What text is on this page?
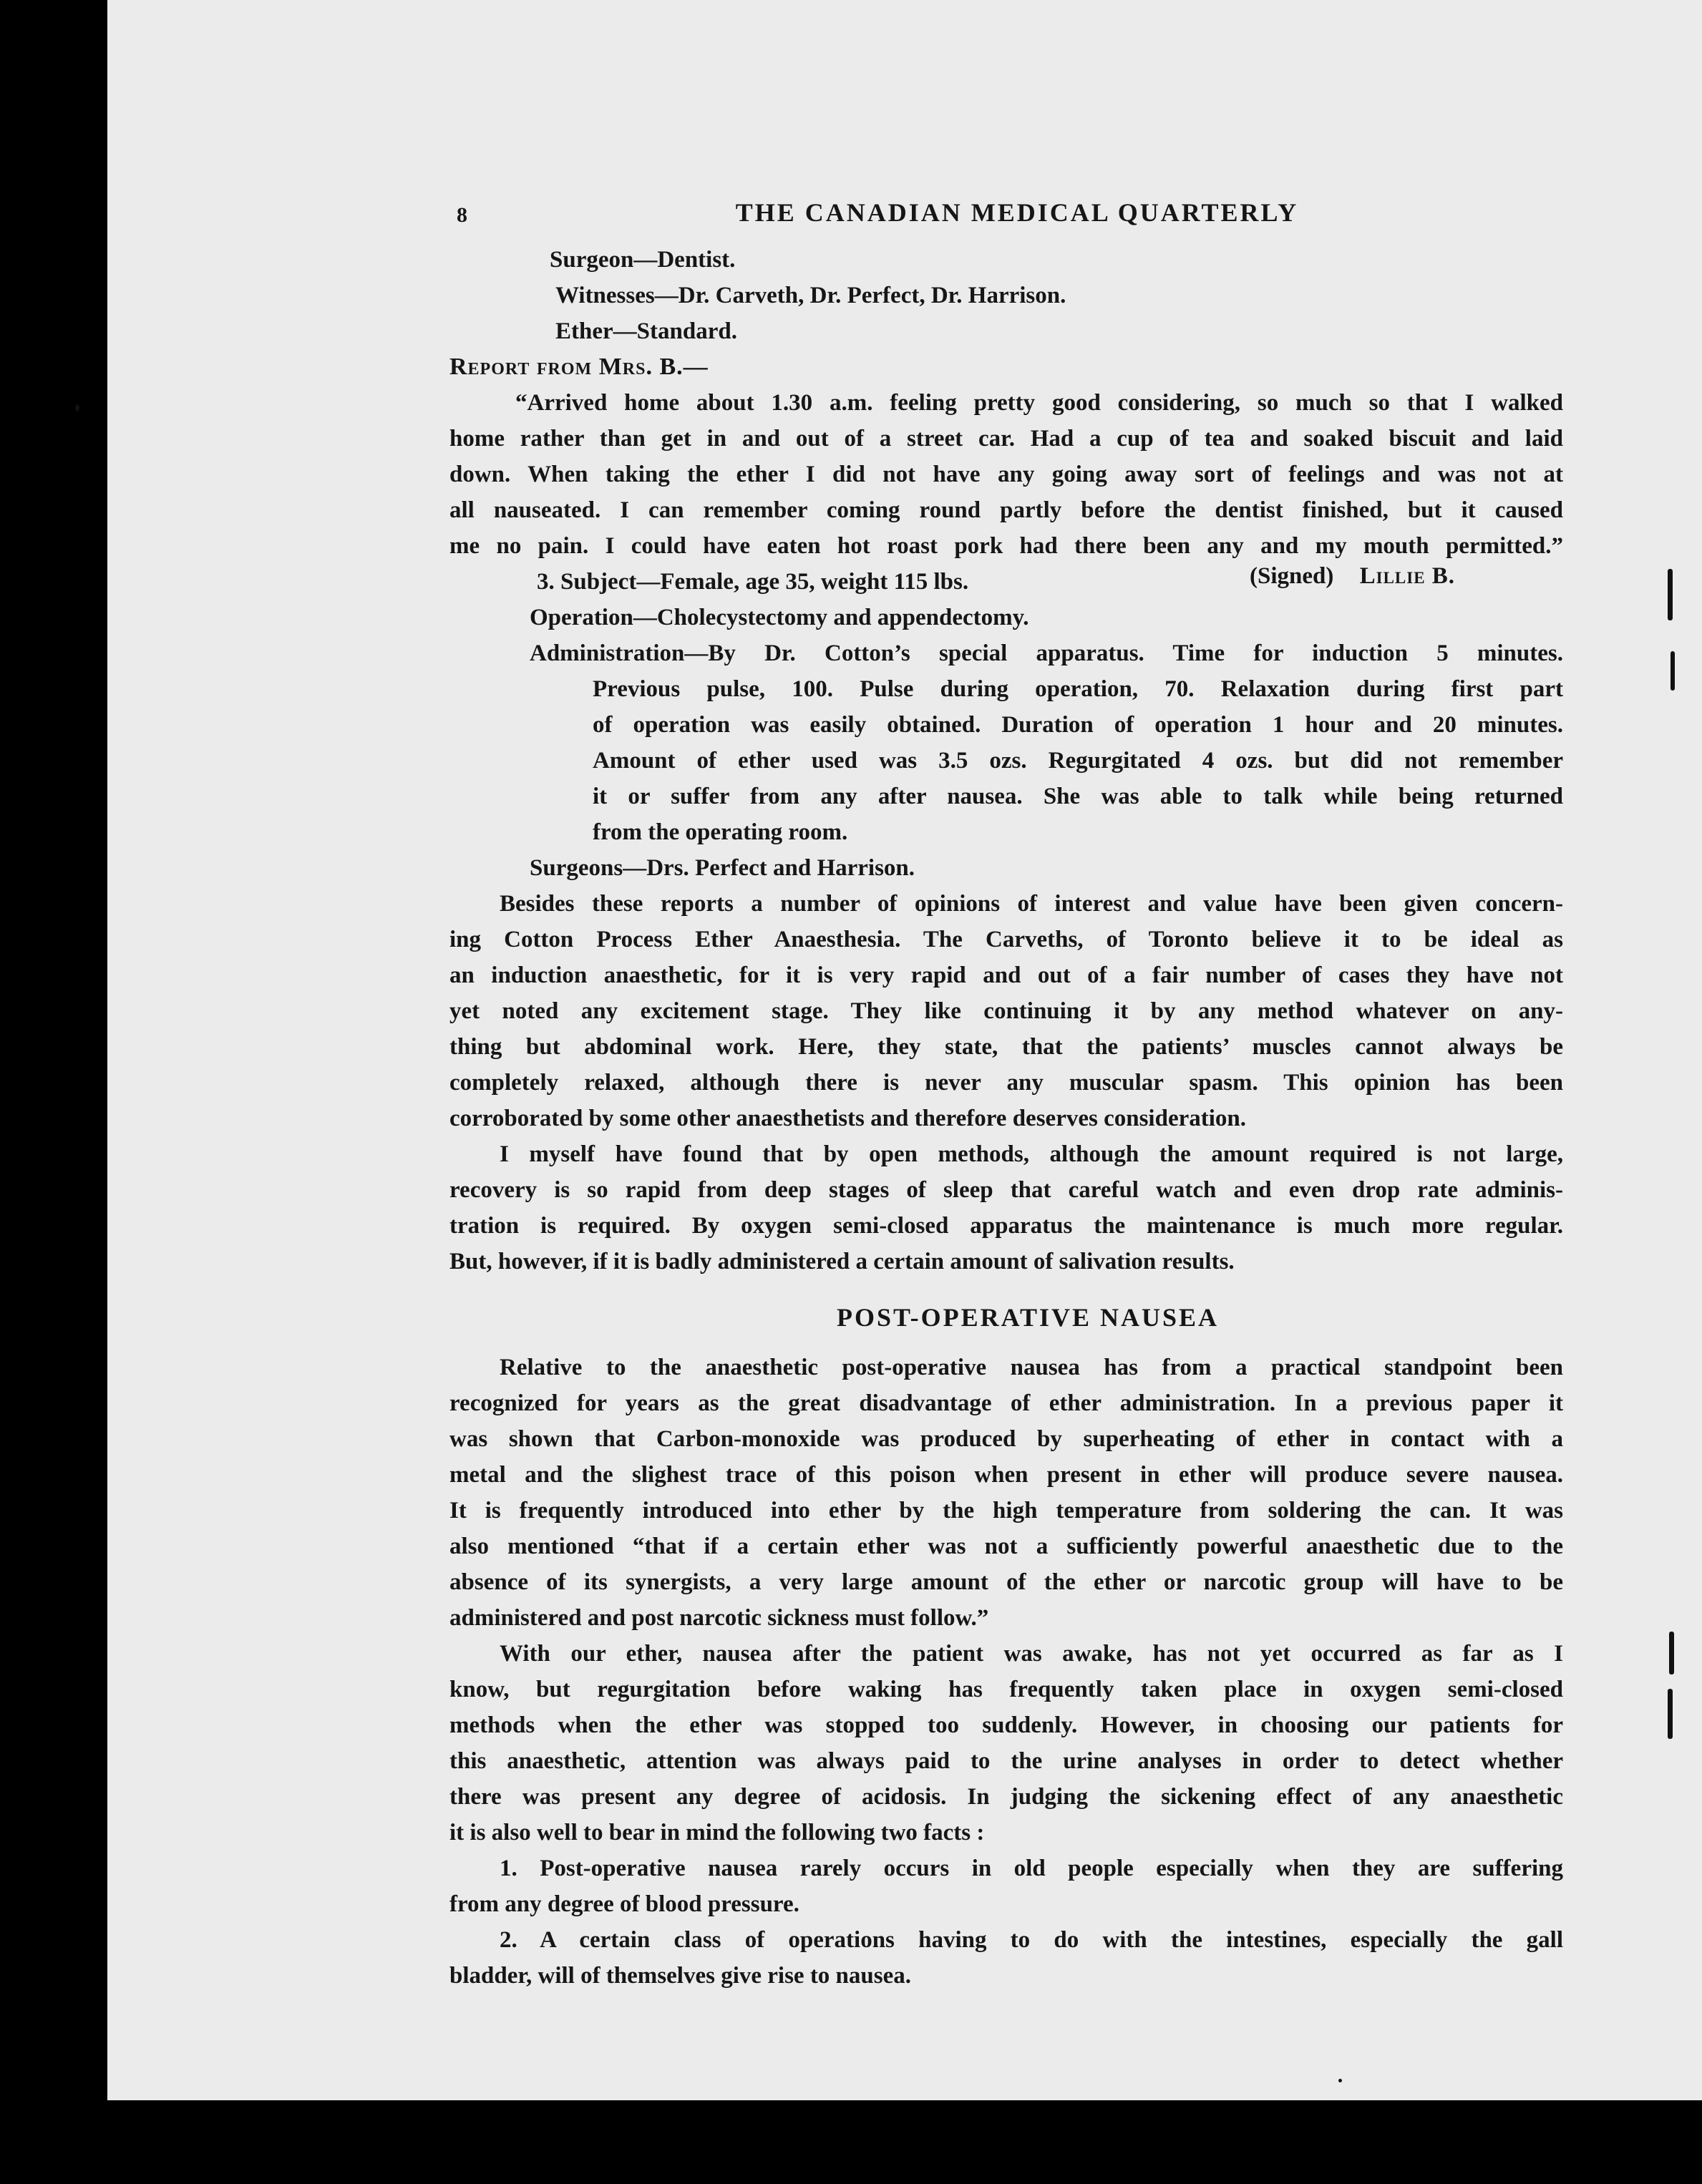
8	THE CANADIAN MEDICAL QUARTERLY

Surgeon—Dentist.

Witnesses—Dr. Carveth, Dr. Perfect, Dr. Harrison.

Ether—Standard.

Report from Mrs. B.—

“Arrived home about 1.30 a.m. feeling pretty good considering, so much so that I walked

home rather than get in and out of a street car. Had a cup of tea and soaked biscuit and laid

down. When taking the ether I did not have any going away sort of feelings and was not at

all nauseated. I can remember coming round partly before the dentist finished, but it caused

me no pain. I could have eaten hot roast pork had there been any and my mouth permitted.”

(Signed) Lillie B.

3. Subject—Female, age 35, weight 115 lbs.

Operation—Cholecystectomy and appendectomy.

Administration—By Dr. Cotton’s special apparatus. Time for induction 5 minutes.

Previous pulse, 100. Pulse during operation, 70. Relaxation during first part

of operation was easily obtained. Duration of operation 1 hour and 20 minutes.

Amount of ether used was 3.5 ozs. Regurgitated 4 ozs. but did not remember

it or suffer from any after nausea. She was able to talk while being returned

from the operating room.

Surgeons—Drs. Perfect and Harrison.

Besides these reports a number of opinions of interest and value have been given concern-

ing Cotton Process Ether Anaesthesia. The Carveths, of Toronto believe it to be ideal as

an induction anaesthetic, for it is very rapid and out of a fair number of cases they have not

yet noted any excitement stage. They like continuing it by any method whatever on any-

thing but abdominal work. Here, they state, that the patients’ muscles cannot always be

completely relaxed, although there is never any muscular spasm. This opinion has been

corroborated by some other anaesthetists and therefore deserves consideration.

I myself have found that by open methods, although the amount required is not large,

recovery is so rapid from deep stages of sleep that careful watch and even drop rate adminis-

tration is required. By oxygen semi-closed apparatus the maintenance is much more regular.

But, however, if it is badly administered a certain amount of salivation results.

POST-OPERATIVE NAUSEA

Relative to the anaesthetic post-operative nausea has from a practical standpoint been

recognized for years as the great disadvantage of ether administration. In a previous paper it

was shown that Carbon-monoxide was produced by superheating of ether in contact with a

metal and the slighest trace of this poison when present in ether will produce severe nausea.

It is frequently introduced into ether by the high temperature from soldering the can. It was

also mentioned “that if a certain ether was not a sufficiently powerful anaesthetic due to the

absence of its synergists, a very large amount of the ether or narcotic group will have to be

administered and post narcotic sickness must follow.”

With our ether, nausea after the patient was awake, has not yet occurred as far as I

know, but regurgitation before waking has frequently taken place in oxygen semi-closed

methods when the ether was stopped too suddenly. However, in choosing our patients for

this anaesthetic, attention was always paid to the urine analyses in order to detect whether

there was present any degree of acidosis. In judging the sickening effect of any anaesthetic

it is also well to bear in mind the following two facts :

1. Post-operative nausea rarely occurs in old people especially when they are suffering

from any degree of blood pressure.

2. A certain class of operations having to do with the intestines, especially the gall

bladder, will of themselves give rise to nausea.
